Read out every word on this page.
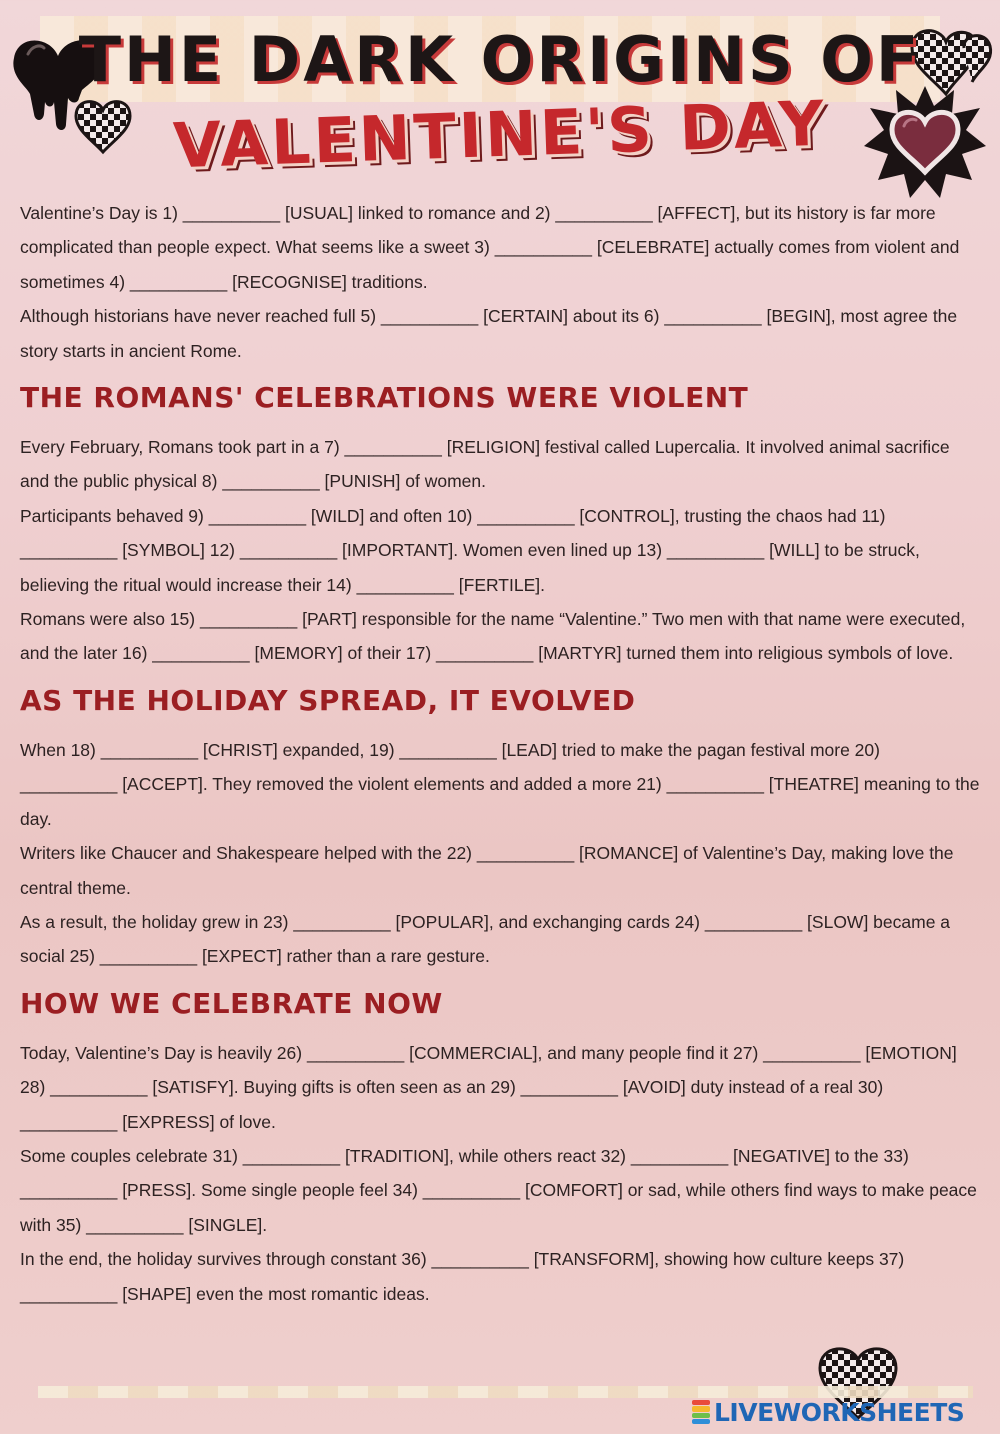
THE DARK ORIGINS OF
VALENTINE'S DAY

Valentine’s Day is 1) __________ [USUAL] linked to romance and 2) __________ [AFFECT], but its history is far more complicated than people expect. What seems like a sweet 3) __________ [CELEBRATE] actually comes from violent and sometimes 4) __________ [RECOGNISE] traditions.

Although historians have never reached full 5) __________ [CERTAIN] about its 6) __________ [BEGIN], most agree the story starts in ancient Rome.

THE ROMANS' CELEBRATIONS WERE VIOLENT

Every February, Romans took part in a 7) __________ [RELIGION] festival called Lupercalia. It involved animal sacrifice and the public physical 8) __________ [PUNISH] of women.

Participants behaved 9) __________ [WILD] and often 10) __________ [CONTROL], trusting the chaos had 11) __________ [SYMBOL] 12) __________ [IMPORTANT]. Women even lined up 13) __________ [WILL] to be struck, believing the ritual would increase their 14) __________ [FERTILE].

Romans were also 15) __________ [PART] responsible for the name “Valentine.” Two men with that name were executed, and the later 16) __________ [MEMORY] of their 17) __________ [MARTYR] turned them into religious symbols of love.

AS THE HOLIDAY SPREAD, IT EVOLVED

When 18) __________ [CHRIST] expanded, 19) __________ [LEAD] tried to make the pagan festival more 20) __________ [ACCEPT]. They removed the violent elements and added a more 21) __________ [THEATRE] meaning to the day.

Writers like Chaucer and Shakespeare helped with the 22) __________ [ROMANCE] of Valentine’s Day, making love the central theme.

As a result, the holiday grew in 23) __________ [POPULAR], and exchanging cards 24) __________ [SLOW] became a social 25) __________ [EXPECT] rather than a rare gesture.

HOW WE CELEBRATE NOW

Today, Valentine’s Day is heavily 26) __________ [COMMERCIAL], and many people find it 27) __________ [EMOTION] 28) __________ [SATISFY]. Buying gifts is often seen as an 29) __________ [AVOID] duty instead of a real 30) __________ [EXPRESS] of love.

Some couples celebrate 31) __________ [TRADITION], while others react 32) __________ [NEGATIVE] to the 33) __________ [PRESS]. Some single people feel 34) __________ [COMFORT] or sad, while others find ways to make peace with 35) __________ [SINGLE].

In the end, the holiday survives through constant 36) __________ [TRANSFORM], showing how culture keeps 37) __________ [SHAPE] even the most romantic ideas.

LIVEWORKSHEETS
